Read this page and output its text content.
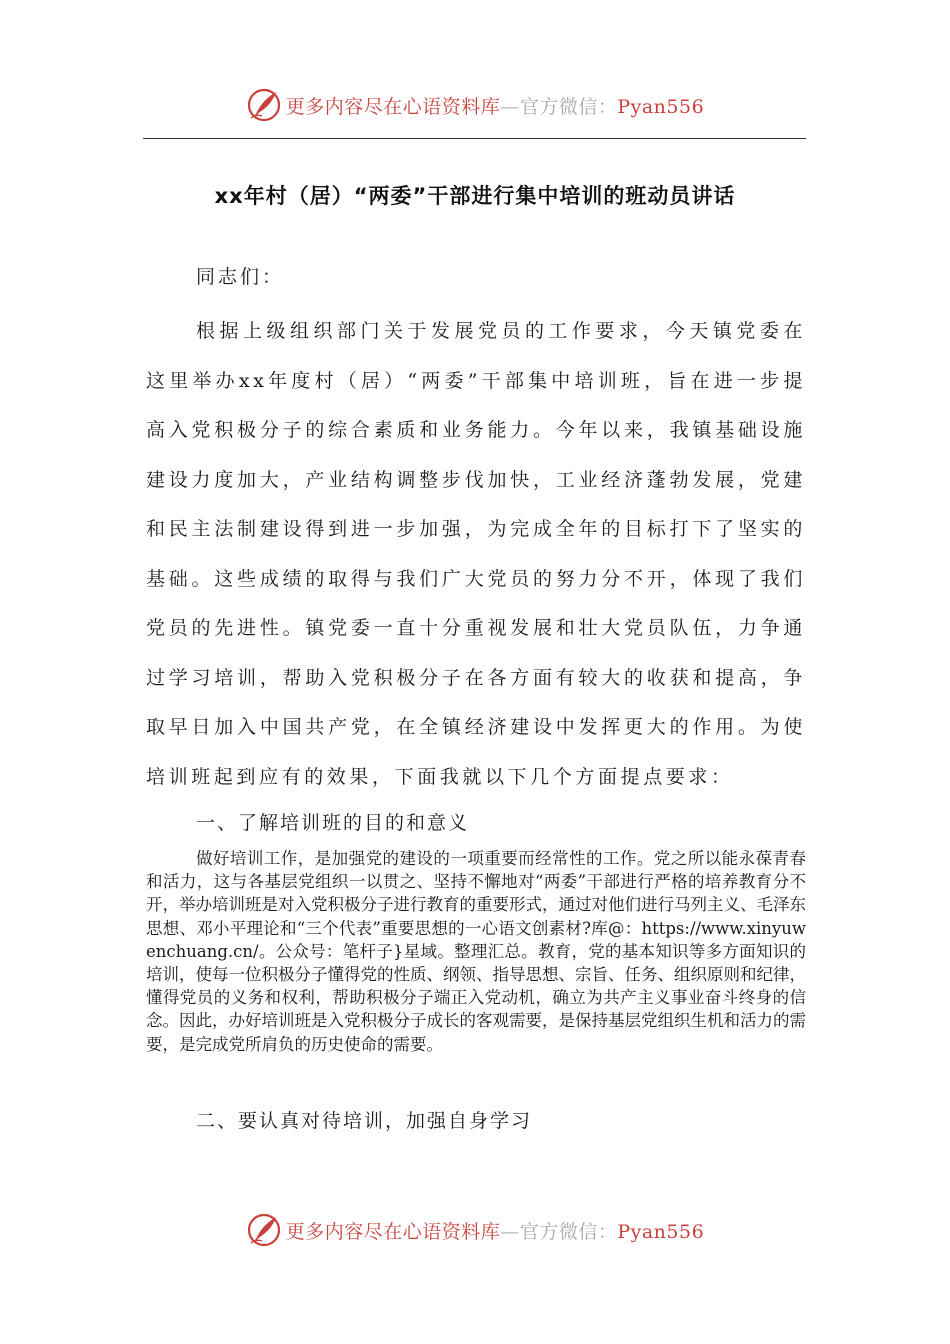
更多内容尽在心语资料库—官方微信：Pyan556
xx年村（居）“两委”干部进行集中培训的班动员讲话
同志们：

根据上级组织部门关于发展党员的工作要求，今天镇党委在这里举办xx年度村（居）“两委”干部集中培训班，旨在进一步提高入党积极分子的综合素质和业务能力。今年以来，我镇基础设施建设力度加大，产业结构调整步伐加快，工业经济蓬勃发展，党建和民主法制建设得到进一步加强，为完成全年的目标打下了坚实的基础。这些成绩的取得与我们广大党员的努力分不开，体现了我们党员的先进性。镇党委一直十分重视发展和壮大党员队伍，力争通过学习培训，帮助入党积极分子在各方面有较大的收获和提高，争取早日加入中国共产党，在全镇经济建设中发挥更大的作用。为使培训班起到应有的效果，下面我就以下几个方面提点要求：

一、了解培训班的目的和意义

做好培训工作，是加强党的建设的一项重要而经常性的工作。党之所以能永葆青春和活力，这与各基层党组织一以贯之、坚持不懈地对“两委”干部进行严格的培养教育分不开，举办培训班是对入党积极分子进行教育的重要形式，通过对他们进行马列主义、毛泽东思想、邓小平理论和“三个代表”重要思想的一心语文创素材?库@：https://www.xinyuwenchuang.cn/。公众号：笔杆子}星域。整理汇总。教育，党的基本知识等多方面知识的培训，使每一位积极分子懂得党的性质、纲领、指导思想、宗旨、任务、组织原则和纪律，懂得党员的义务和权利，帮助积极分子端正入党动机，确立为共产主义事业奋斗终身的信念。因此，办好培训班是入党积极分子成长的客观需要，是保持基层党组织生机和活力的需要，是完成党所肩负的历史使命的需要。

二、要认真对待培训，加强自身学习
更多内容尽在心语资料库—官方微信：Pyan556
